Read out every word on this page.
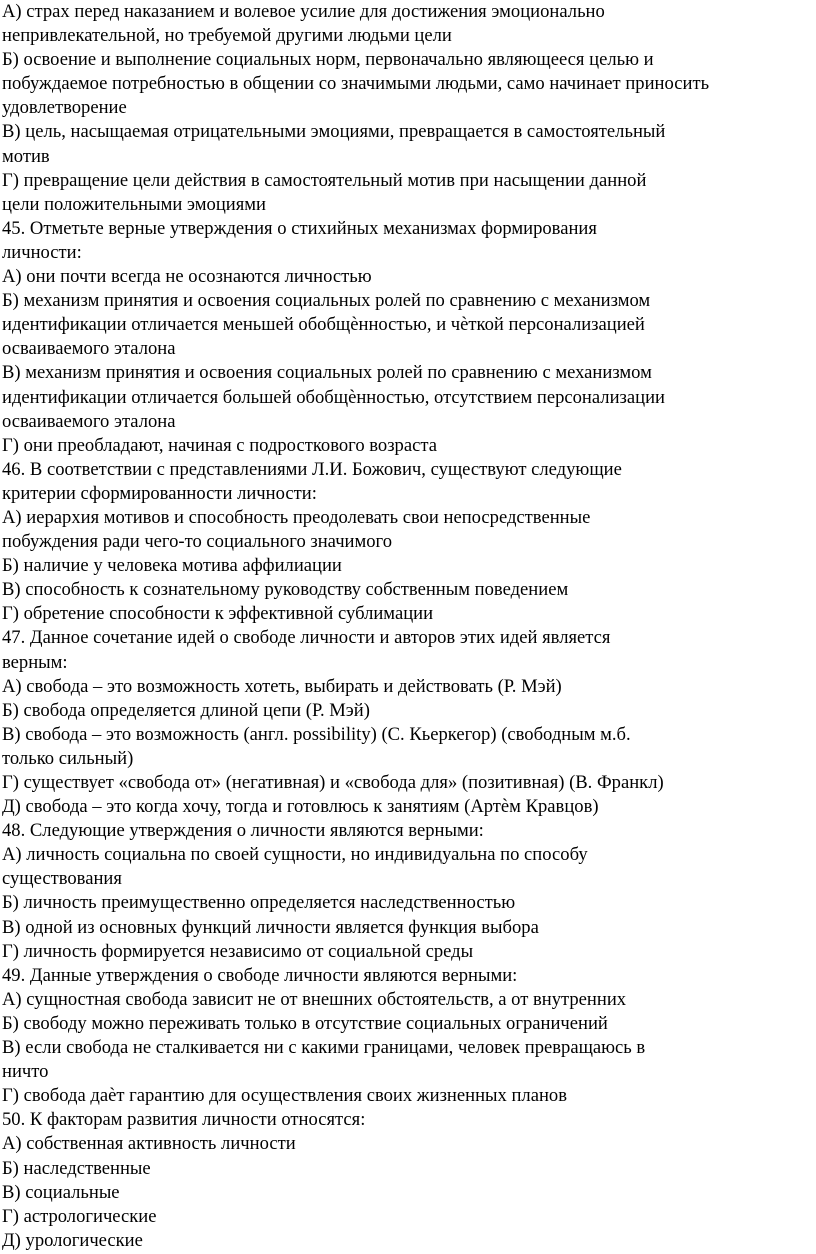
А) страх перед наказанием и волевое усилие для достижения эмоционально

непривлекательной, но требуемой другими людьми цели

Б) освоение и выполнение социальных норм, первоначально являющееся целью и

побуждаемое потребностью в общении со значимыми людьми, само начинает приносить

удовлетворение

В) цель, насыщаемая отрицательными эмоциями, превращается в самостоятельный

мотив

Г) превращение цели действия в самостоятельный мотив при насыщении данной

цели положительными эмоциями

45. Отметьте верные утверждения о стихийных механизмах формирования

личности:

А) они почти всегда не осознаются личностью

Б) механизм принятия и освоения социальных ролей по сравнению с механизмом

идентификации отличается меньшей обобщѐнностью, и чѐткой персонализацией

осваиваемого эталона

В) механизм принятия и освоения социальных ролей по сравнению с механизмом

идентификации отличается большей обобщѐнностью, отсутствием персонализации

осваиваемого эталона

Г) они преобладают, начиная с подросткового возраста

46. В соответствии с представлениями Л.И. Божович, существуют следующие

критерии сформированности личности:

А) иерархия мотивов и способность преодолевать свои непосредственные

побуждения ради чего-то социального значимого

Б) наличие у человека мотива аффилиации

В) способность к сознательному руководству собственным поведением

Г) обретение способности к эффективной сублимации

47. Данное сочетание идей о свободе личности и авторов этих идей является

верным:

А) свобода – это возможность хотеть, выбирать и действовать (Р. Мэй)

Б) свобода определяется длиной цепи (Р. Мэй)

В) свобода – это возможность (англ. possibility) (С. Кьеркегор) (свободным м.б.

только сильный)

Г) существует «свобода от» (негативная) и «свобода для» (позитивная) (В. Франкл)

Д) свобода – это когда хочу, тогда и готовлюсь к занятиям (Артѐм Кравцов)

48. Следующие утверждения о личности являются верными:

А) личность социальна по своей сущности, но индивидуальна по способу

существования

Б) личность преимущественно определяется наследственностью

В) одной из основных функций личности является функция выбора

Г) личность формируется независимо от социальной среды

49. Данные утверждения о свободе личности являются верными:

А) сущностная свобода зависит не от внешних обстоятельств, а от внутренних

Б) свободу можно переживать только в отсутствие социальных ограничений

В) если свобода не сталкивается ни с какими границами, человек превращаюсь в

ничто

Г) свобода даѐт гарантию для осуществления своих жизненных планов

50. К факторам развития личности относятся:

А) собственная активность личности

Б) наследственные

В) социальные

Г) астрологические

Д) урологические
